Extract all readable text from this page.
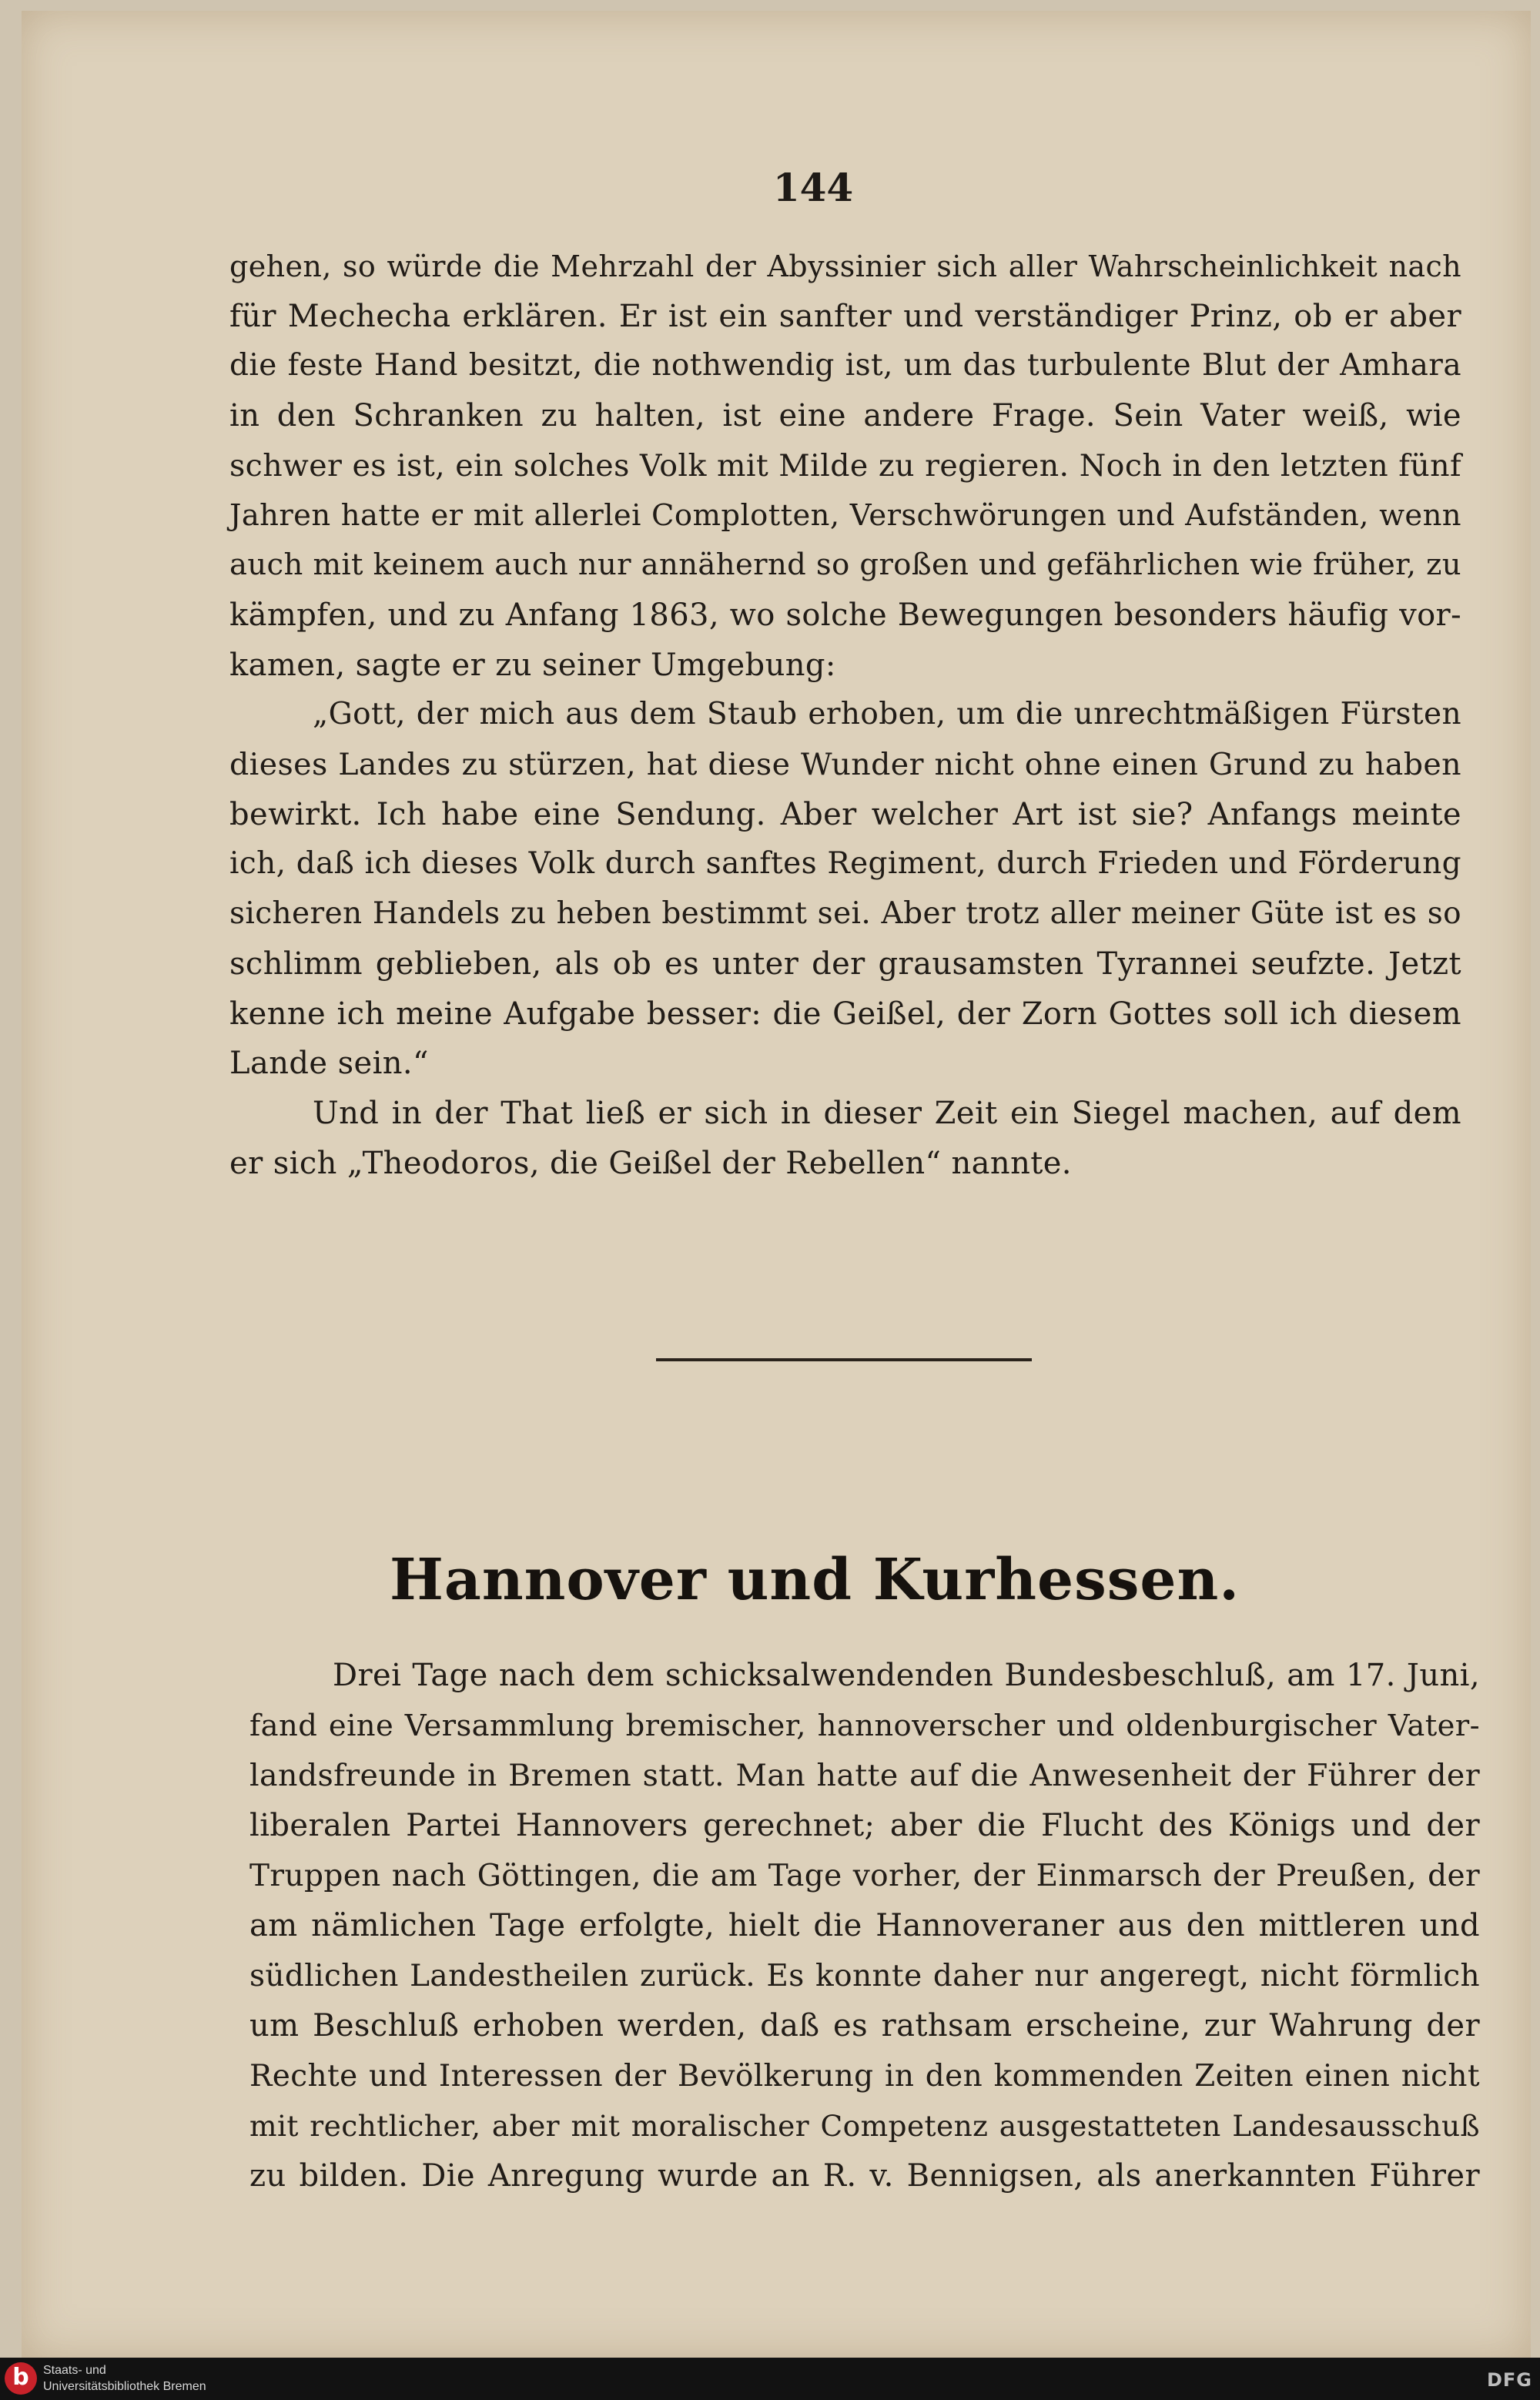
144

gehen, so würde die Mehrzahl der Abyssinier sich aller Wahrscheinlichkeit nach
für Mechecha erklären. Er ist ein sanfter und verständiger Prinz, ob er aber
die feste Hand besitzt, die nothwendig ist, um das turbulente Blut der Amhara
in den Schranken zu halten, ist eine andere Frage. Sein Vater weiß, wie
schwer es ist, ein solches Volk mit Milde zu regieren. Noch in den letzten fünf
Jahren hatte er mit allerlei Complotten, Verschwörungen und Aufständen, wenn
auch mit keinem auch nur annähernd so großen und gefährlichen wie früher, zu
kämpfen, und zu Anfang 1863, wo solche Bewegungen besonders häufig vor-
kamen, sagte er zu seiner Umgebung:

„Gott, der mich aus dem Staub erhoben, um die unrechtmäßigen Fürsten
dieses Landes zu stürzen, hat diese Wunder nicht ohne einen Grund zu haben
bewirkt. Ich habe eine Sendung. Aber welcher Art ist sie? Anfangs meinte
ich, daß ich dieses Volk durch sanftes Regiment, durch Frieden und Förderung
sicheren Handels zu heben bestimmt sei. Aber trotz aller meiner Güte ist es so
schlimm geblieben, als ob es unter der grausamsten Tyrannei seufzte. Jetzt
kenne ich meine Aufgabe besser: die Geißel, der Zorn Gottes soll ich diesem
Lande sein.“

Und in der That ließ er sich in dieser Zeit ein Siegel machen, auf dem
er sich „Theodoros, die Geißel der Rebellen“ nannte.

Hannover und Kurhessen.

Drei Tage nach dem schicksalwendenden Bundesbeschluß, am 17. Juni,
fand eine Versammlung bremischer, hannoverscher und oldenburgischer Vater-
landsfreunde in Bremen statt. Man hatte auf die Anwesenheit der Führer der
liberalen Partei Hannovers gerechnet; aber die Flucht des Königs und der
Truppen nach Göttingen, die am Tage vorher, der Einmarsch der Preußen, der
am nämlichen Tage erfolgte, hielt die Hannoveraner aus den mittleren und
südlichen Landestheilen zurück. Es konnte daher nur angeregt, nicht förmlich
um Beschluß erhoben werden, daß es rathsam erscheine, zur Wahrung der
Rechte und Interessen der Bevölkerung in den kommenden Zeiten einen nicht
mit rechtlicher, aber mit moralischer Competenz ausgestatteten Landesausschuß
zu bilden. Die Anregung wurde an R. v. Bennigsen, als anerkannten Führer

b	Staats- und
Universitätsbibliothek Bremen	DFG
